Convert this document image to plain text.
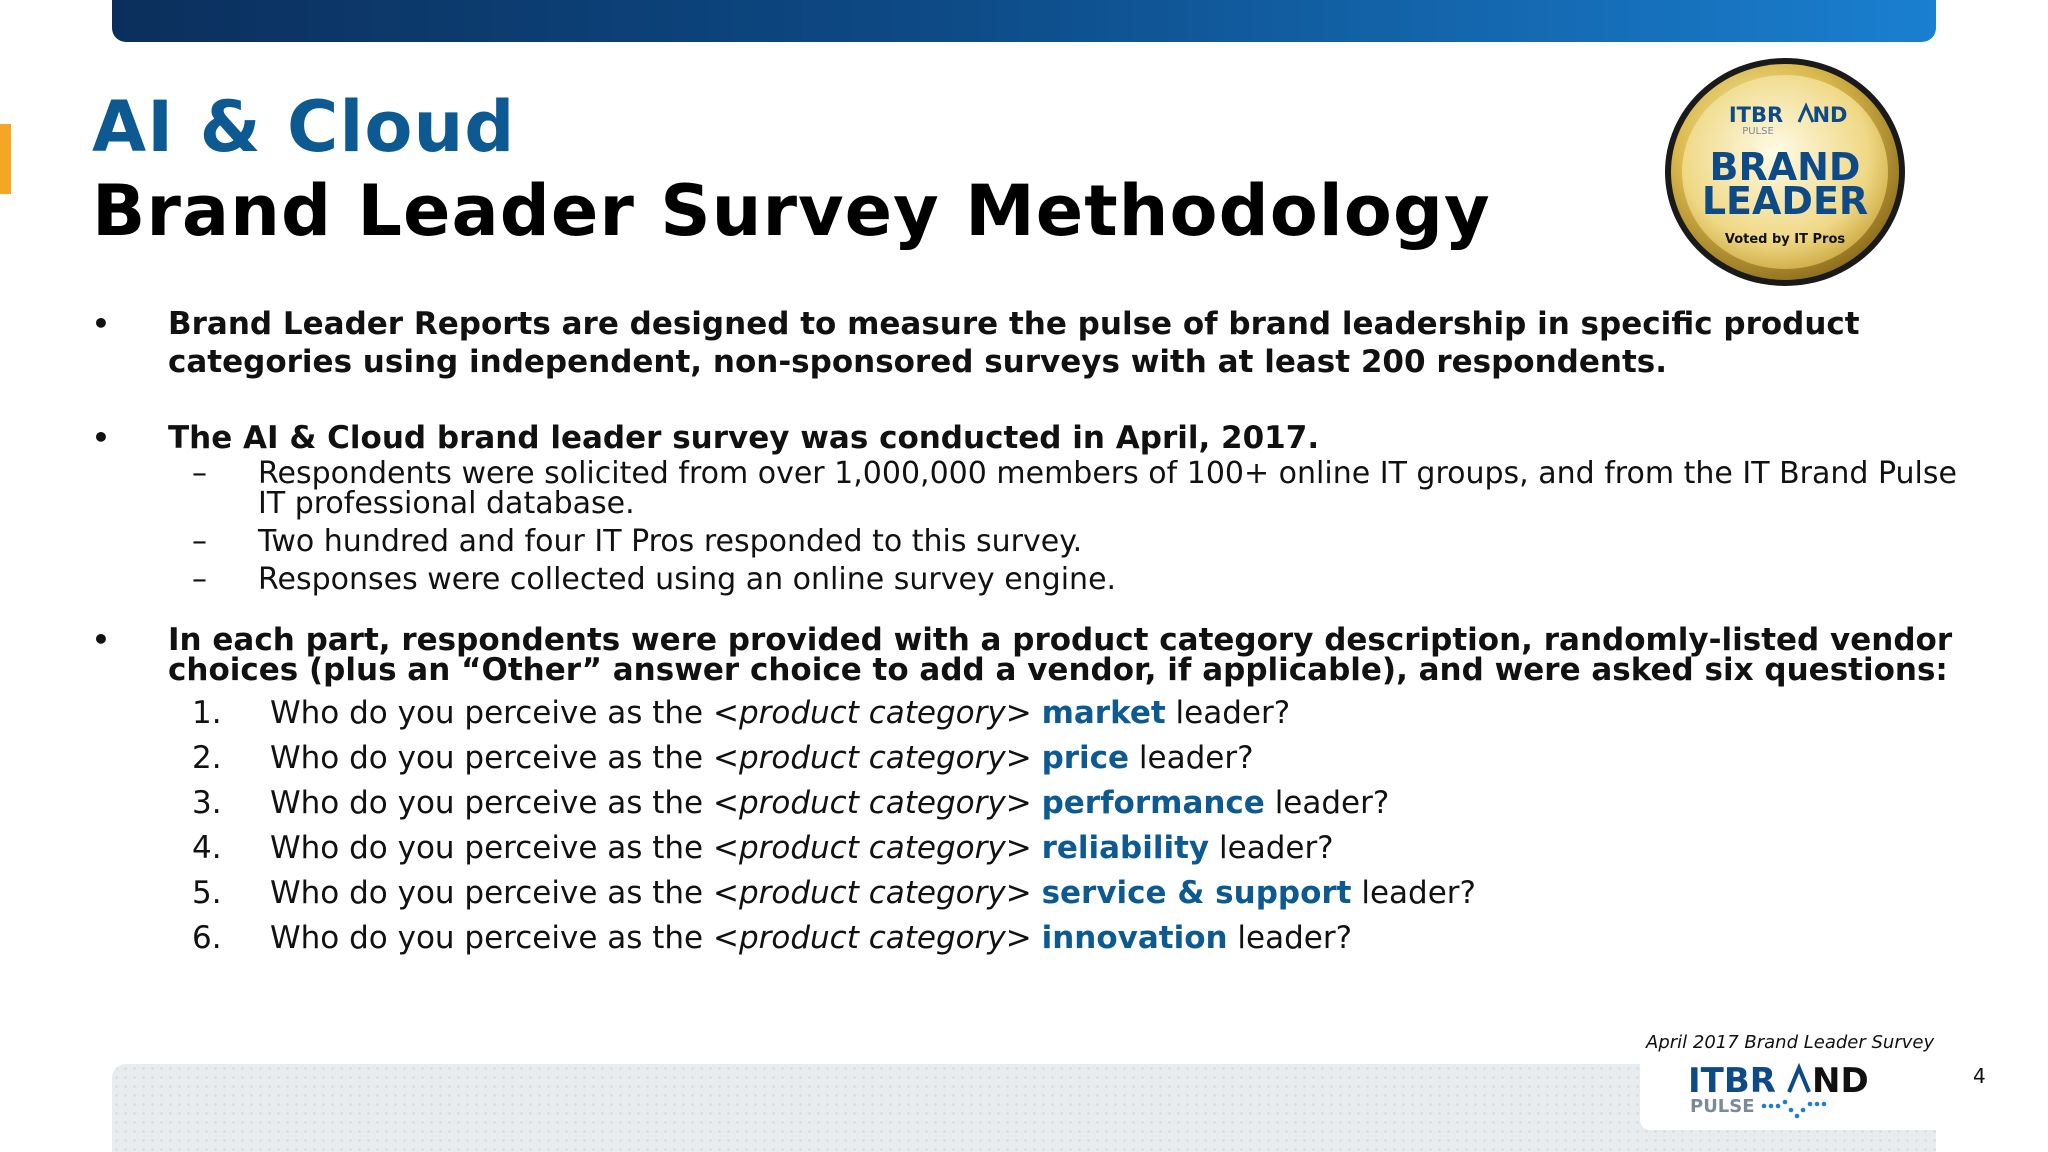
AI & Cloud
Brand Leader Survey Methodology
ITBR ND
PULSE
BRAND
LEADER
Voted by IT Pros
• Brand Leader Reports are designed to measure the pulse of brand leadership in specific product categories using independent, non-sponsored surveys with at least 200 respondents.
• The AI & Cloud brand leader survey was conducted in April, 2017.
– Respondents were solicited from over 1,000,000 members of 100+ online IT groups, and from the IT Brand Pulse IT professional database.
– Two hundred and four IT Pros responded to this survey.
– Responses were collected using an online survey engine.
• In each part, respondents were provided with a product category description, randomly-listed vendor choices (plus an “Other” answer choice to add a vendor, if applicable), and were asked six questions:
1. Who do you perceive as the <product category> market leader?
2. Who do you perceive as the <product category> price leader?
3. Who do you perceive as the <product category> performance leader?
4. Who do you perceive as the <product category> reliability leader?
5. Who do you perceive as the <product category> service & support leader?
6. Who do you perceive as the <product category> innovation leader?
April 2017 Brand Leader Survey
ITBR ND
PULSE
4
